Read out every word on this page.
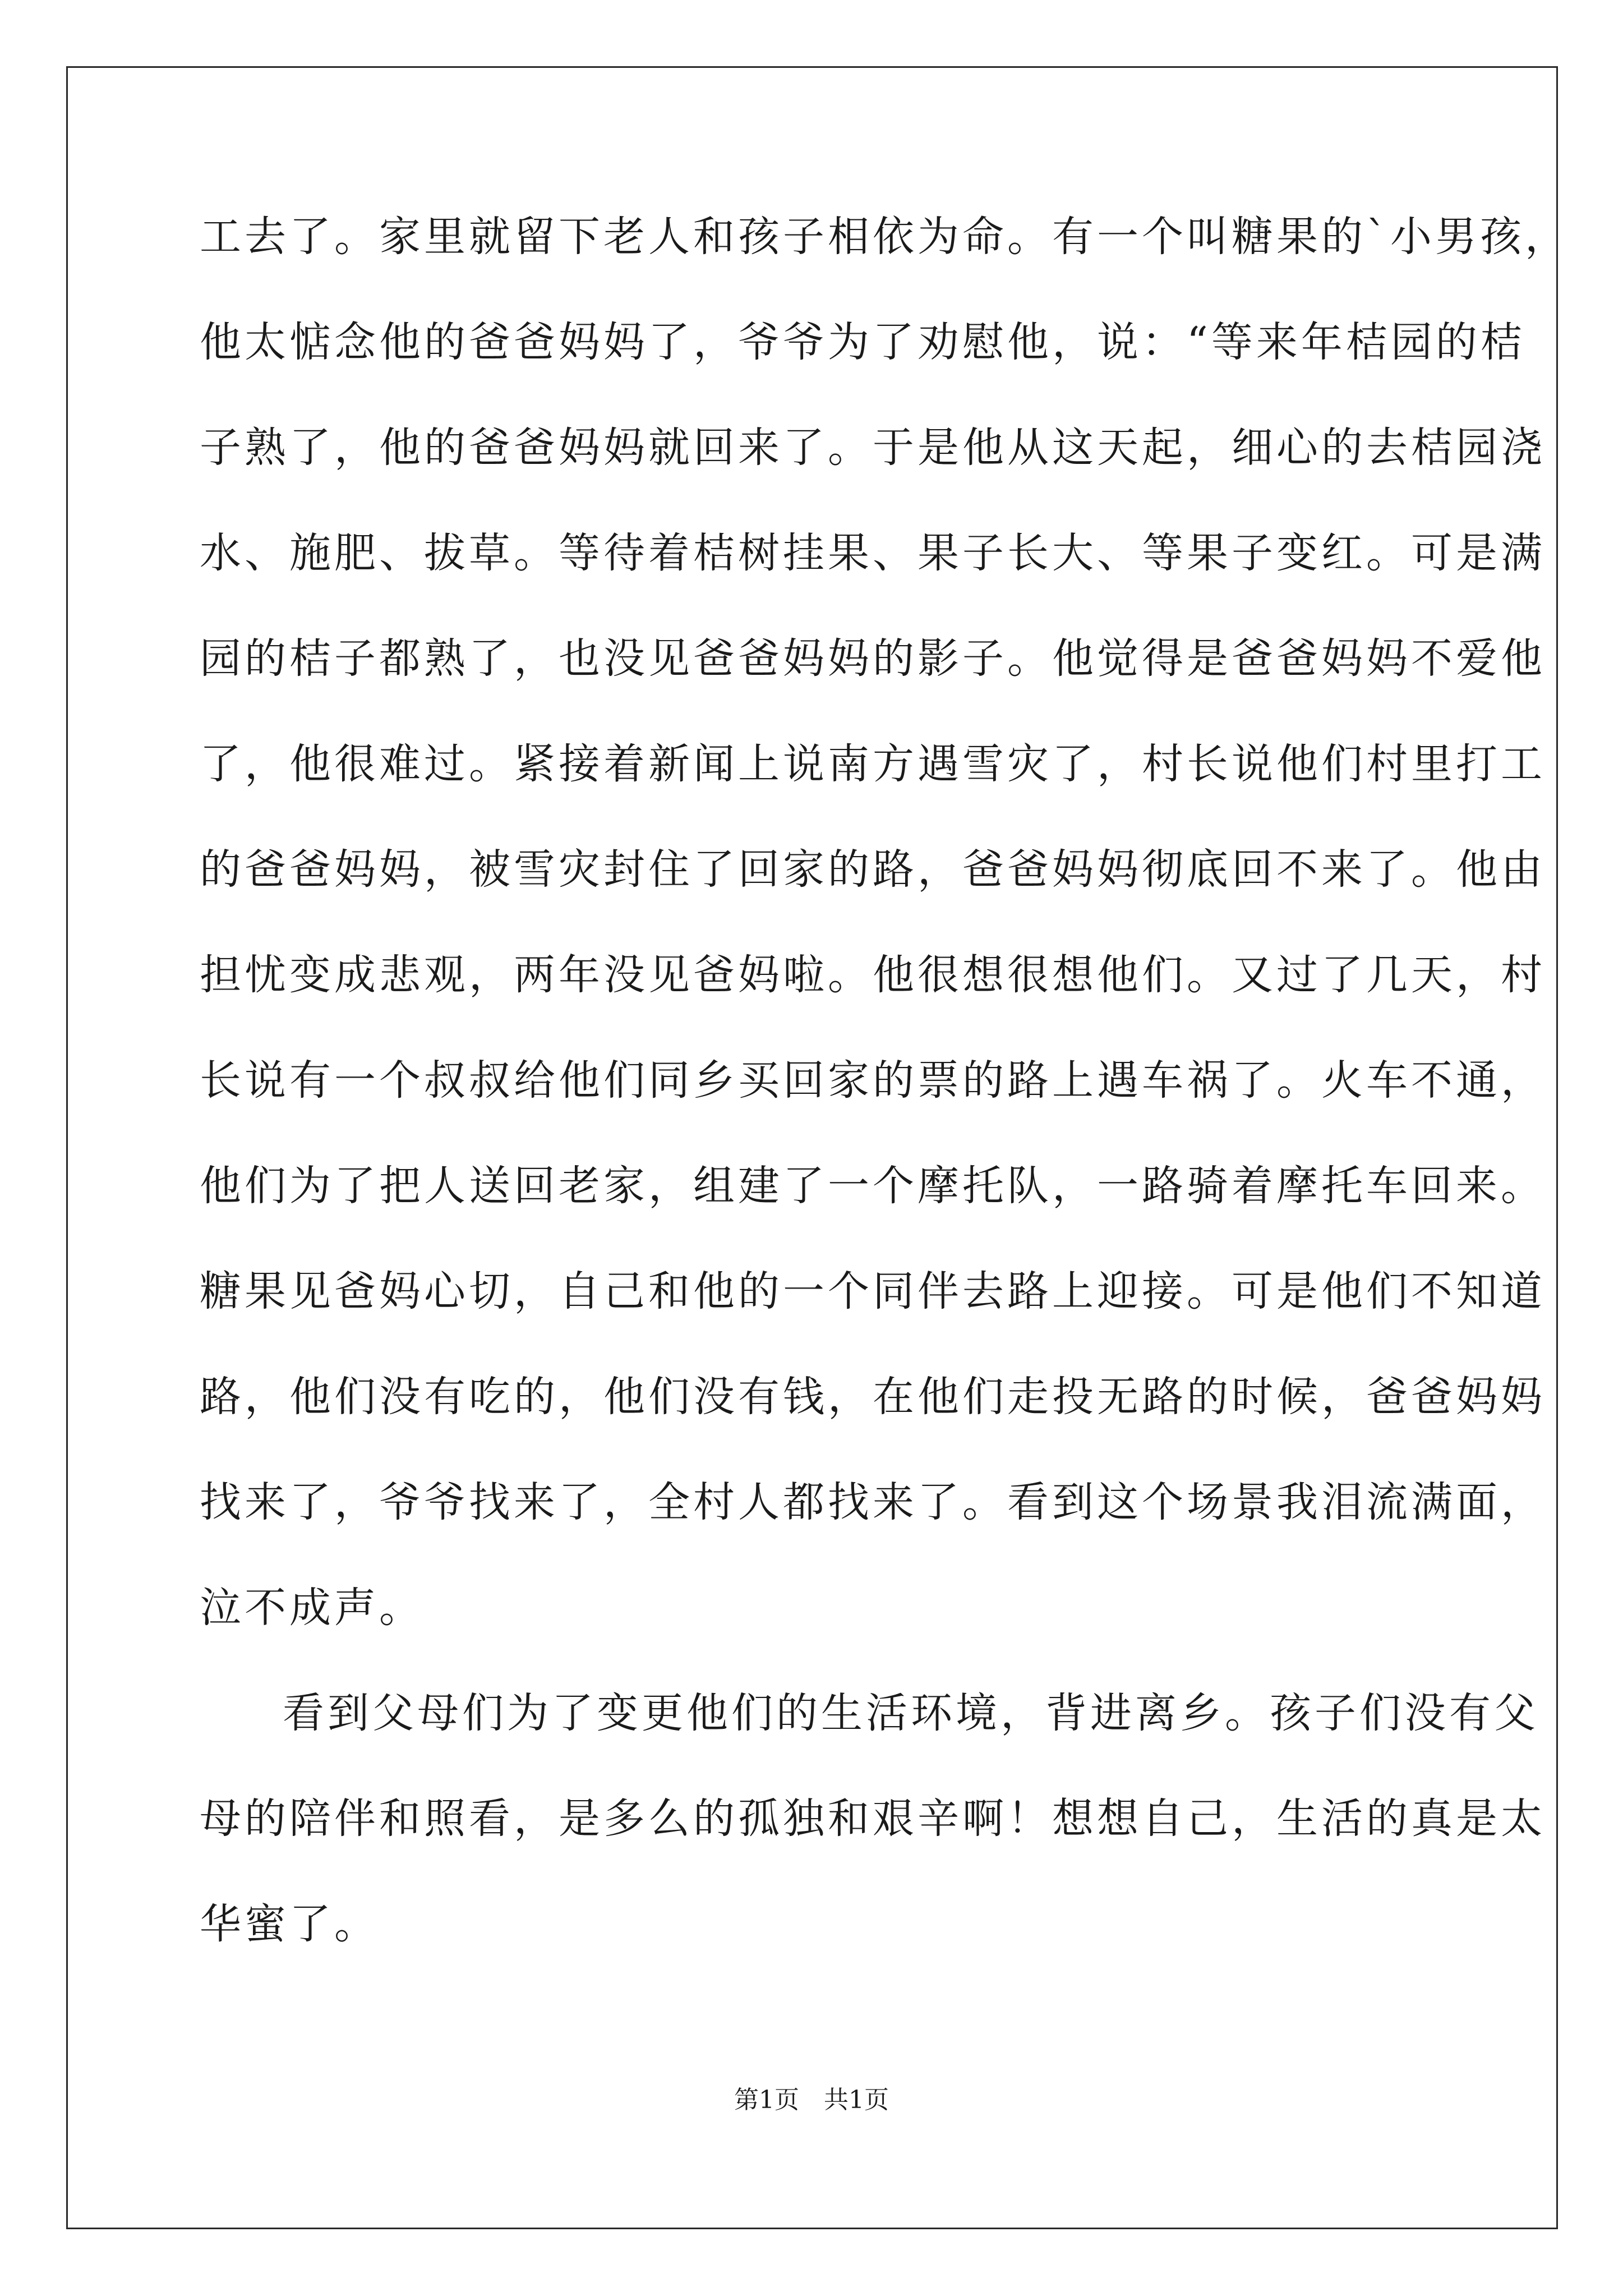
工去了。家里就留下老人和孩子相依为命。有一个叫糖果的`小男孩，
他太惦念他的爸爸妈妈了，爷爷为了劝慰他，说：“等来年桔园的桔
子熟了，他的爸爸妈妈就回来了。于是他从这天起，细心的去桔园浇
水、施肥、拔草。等待着桔树挂果、果子长大、等果子变红。可是满
园的桔子都熟了，也没见爸爸妈妈的影子。他觉得是爸爸妈妈不爱他
了，他很难过。紧接着新闻上说南方遇雪灾了，村长说他们村里打工
的爸爸妈妈，被雪灾封住了回家的路，爸爸妈妈彻底回不来了。他由
担忧变成悲观，两年没见爸妈啦。他很想很想他们。又过了几天，村
长说有一个叔叔给他们同乡买回家的票的路上遇车祸了。火车不通，
他们为了把人送回老家，组建了一个摩托队，一路骑着摩托车回来。
糖果见爸妈心切，自己和他的一个同伴去路上迎接。可是他们不知道
路，他们没有吃的，他们没有钱，在他们走投无路的时候，爸爸妈妈
找来了，爷爷找来了，全村人都找来了。看到这个场景我泪流满面，
泣不成声。
看到父母们为了变更他们的生活环境，背进离乡。孩子们没有父
母的陪伴和照看，是多么的孤独和艰辛啊！想想自己，生活的真是太
华蜜了。
第1页　共1页
